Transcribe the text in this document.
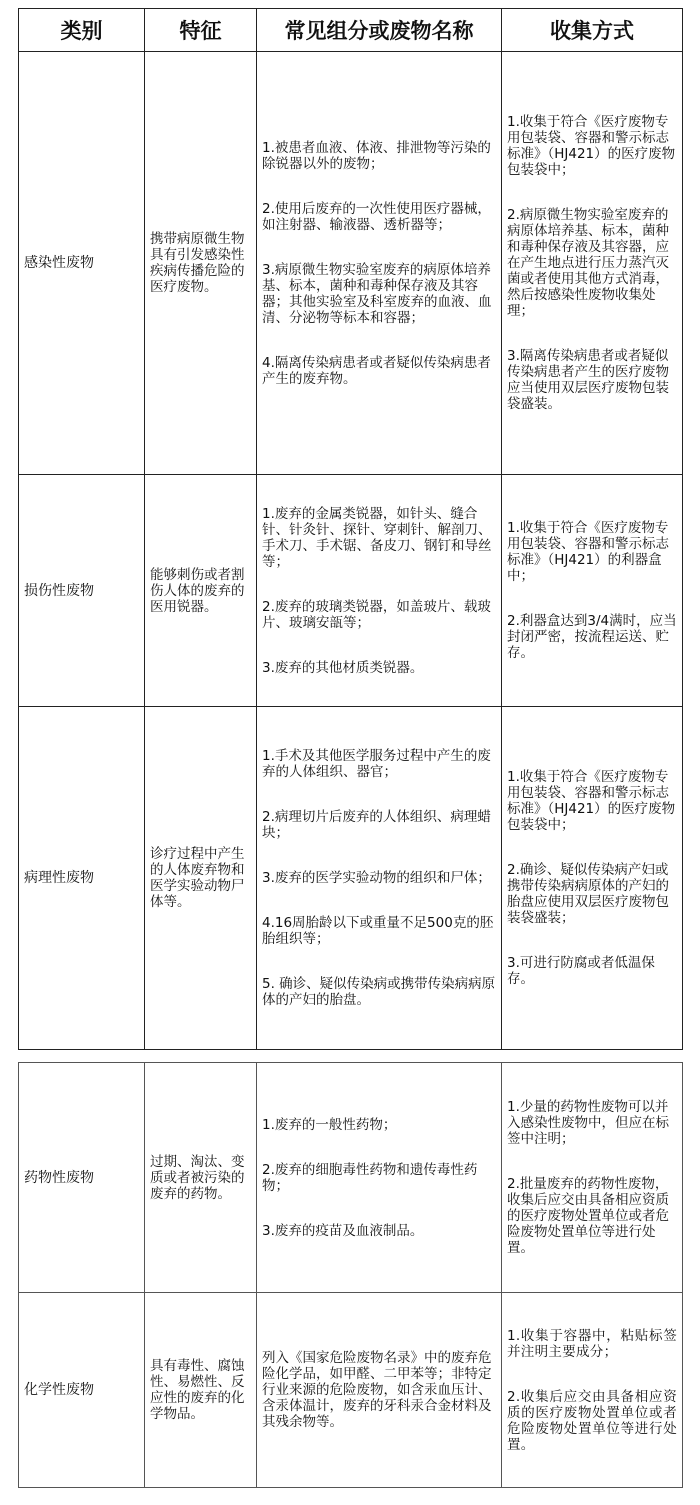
类别	特征	常见组分或废物名称	收集方式
感染性废物	携带病原微生物具有引发感染性疾病传播危险的医疗废物。	1.被患者血液、体液、排泄物等污染的除锐器以外的废物；
2.使用后废弃的一次性使用医疗器械，如注射器、输液器、透析器等；
3.病原微生物实验室废弃的病原体培养基、标本，菌种和毒种保存液及其容器；其他实验室及科室废弃的血液、血清、分泌物等标本和容器；
4.隔离传染病患者或者疑似传染病患者产生的废弃物。	1.收集于符合《医疗废物专用包装袋、容器和警示标志标准》（HJ421）的医疗废物包装袋中；
2.病原微生物实验室废弃的病原体培养基、标本，菌种和毒种保存液及其容器，应在产生地点进行压力蒸汽灭菌或者使用其他方式消毒，然后按感染性废物收集处理；
3.隔离传染病患者或者疑似传染病患者产生的医疗废物应当使用双层医疗废物包装袋盛装。

损伤性废物	能够刺伤或者割伤人体的废弃的医用锐器。	1.废弃的金属类锐器，如针头、缝合针、针灸针、探针、穿刺针、解剖刀、手术刀、手术锯、备皮刀、钢钉和导丝等；
2.废弃的玻璃类锐器，如盖玻片、载玻片、玻璃安瓿等；
3.废弃的其他材质类锐器。	1.收集于符合《医疗废物专用包装袋、容器和警示标志标准》（HJ421）的利器盒中；
2.利器盒达到3/4满时，应当封闭严密，按流程运送、贮存。

病理性废物	诊疗过程中产生的人体废弃物和医学实验动物尸体等。	1.手术及其他医学服务过程中产生的废弃的人体组织、器官；
2.病理切片后废弃的人体组织、病理蜡块；
3.废弃的医学实验动物的组织和尸体；
4.16周胎龄以下或重量不足500克的胚胎组织等；
5. 确诊、疑似传染病或携带传染病病原体的产妇的胎盘。	1.收集于符合《医疗废物专用包装袋、容器和警示标志标准》（HJ421）的医疗废物包装袋中；
2.确诊、疑似传染病产妇或携带传染病病原体的产妇的胎盘应使用双层医疗废物包装袋盛装；
3.可进行防腐或者低温保存。
药物性废物	过期、淘汰、变质或者被污染的废弃的药物。	1.废弃的一般性药物；
2.废弃的细胞毒性药物和遗传毒性药物；
3.废弃的疫苗及血液制品。	1.少量的药物性废物可以并入感染性废物中，但应在标签中注明；
2.批量废弃的药物性废物，收集后应交由具备相应资质的医疗废物处置单位或者危险废物处置单位等进行处置。

化学性废物	具有毒性、腐蚀性、易燃性、反应性的废弃的化学物品。	列入《国家危险废物名录》中的废弃危险化学品，如甲醛、二甲苯等；非特定行业来源的危险废物，如含汞血压计、含汞体温计，废弃的牙科汞合金材料及其残余物等。	1.收集于容器中，粘贴标签并注明主要成分；
2.收集后应交由具备相应资质的医疗废物处置单位或者危险废物处置单位等进行处置。
